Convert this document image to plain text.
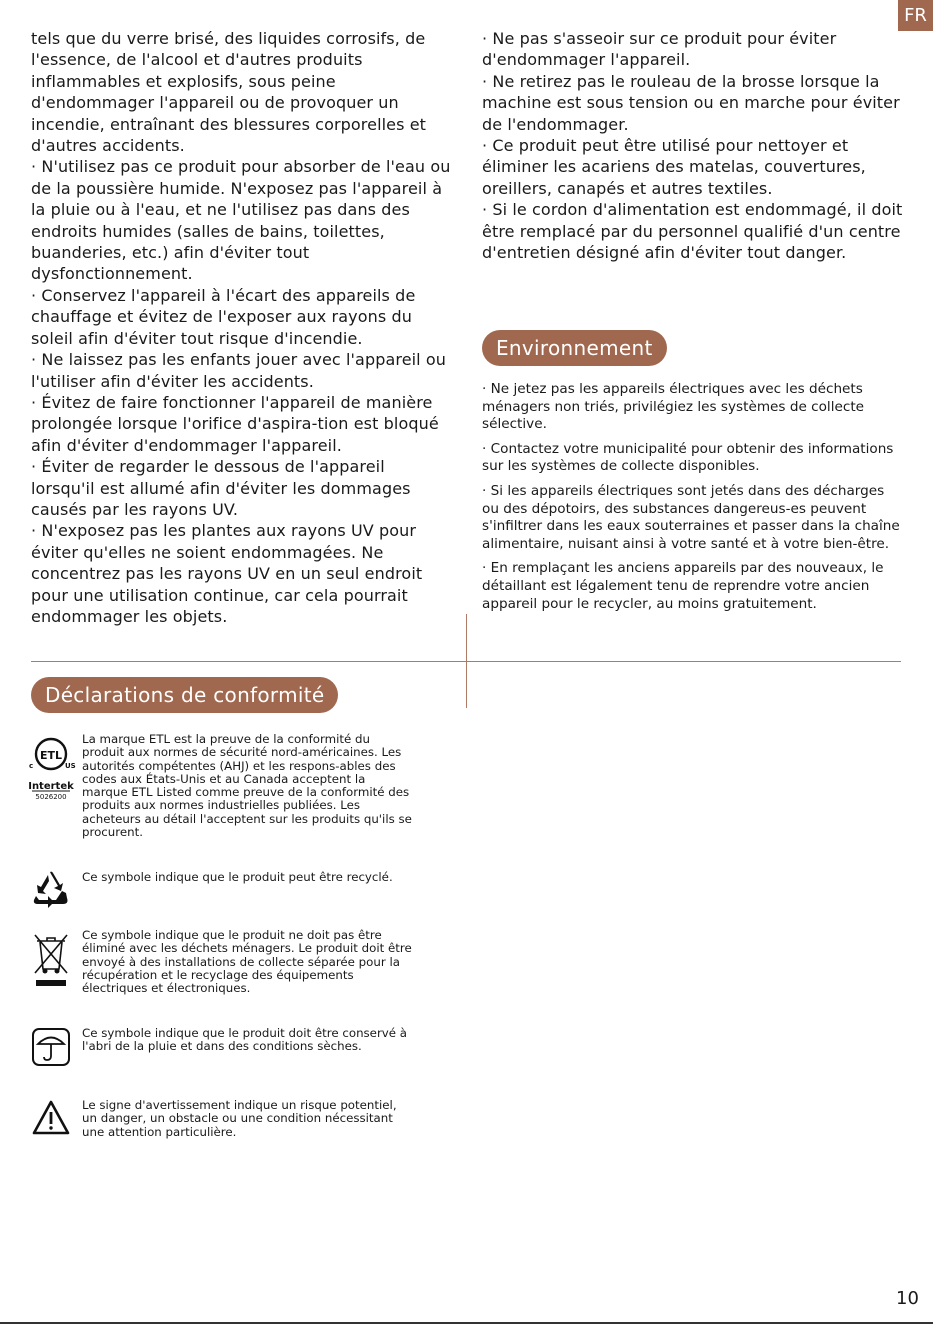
FR

tels que du verre brisé, des liquides corrosifs, de l'essence, de l'alcool et d'autres produits inflammables et explosifs, sous peine d'endommager l'appareil ou de provoquer un incendie, entraînant des blessures corporelles et d'autres accidents.

· N'utilisez pas ce produit pour absorber de l'eau ou de la poussière humide. N'exposez pas l'appareil à la pluie ou à l'eau, et ne l'utilisez pas dans des endroits humides (salles de bains, toilettes, buanderies, etc.) afin d'éviter tout dysfonctionnement.

· Conservez l'appareil à l'écart des appareils de chauffage et évitez de l'exposer aux rayons du soleil afin d'éviter tout risque d'incendie.

· Ne laissez pas les enfants jouer avec l'appareil ou l'utiliser afin d'éviter les accidents.

· Évitez de faire fonctionner l'appareil de manière prolongée lorsque l'orifice d'aspira-tion est bloqué afin d'éviter d'endommager l'appareil.

· Éviter de regarder le dessous de l'appareil lorsqu'il est allumé afin d'éviter les dommages causés par les rayons UV.

· N'exposez pas les plantes aux rayons UV pour éviter qu'elles ne soient endommagées. Ne concentrez pas les rayons UV en un seul endroit pour une utilisation continue, car cela pourrait endommager les objets.

· Ne pas s'asseoir sur ce produit pour éviter d'endommager l'appareil.

· Ne retirez pas le rouleau de la brosse lorsque la machine est sous tension ou en marche pour éviter de l'endommager.

· Ce produit peut être utilisé pour nettoyer et éliminer les acariens des matelas, couvertures, oreillers, canapés et autres textiles.

· Si le cordon d'alimentation est endommagé, il doit être remplacé par du personnel qualifié d'un centre d'entretien désigné afin d'éviter tout danger.

Environnement

· Ne jetez pas les appareils électriques avec les déchets ménagers non triés, privilégiez les systèmes de collecte sélective.

· Contactez votre municipalité pour obtenir des informations sur les systèmes de collecte disponibles.

· Si les appareils électriques sont jetés dans des décharges ou des dépotoirs, des substances dangereus-es peuvent s'infiltrer dans les eaux souterraines et passer dans la chaîne alimentaire, nuisant ainsi à votre santé et à votre bien-être.

· En remplaçant les anciens appareils par des nouveaux, le détaillant est légalement tenu de reprendre votre ancien appareil pour le recycler, au moins gratuitement.

Déclarations de conformité
ETL
c	US
Intertek
5026200
La marque ETL est la preuve de la conformité du produit aux normes de sécurité nord-américaines. Les autorités compétentes (AHJ) et les respons-ables des codes aux États-Unis et au Canada acceptent la marque ETL Listed comme preuve de la conformité des produits aux normes industrielles publiées. Les acheteurs au détail l'acceptent sur les produits qu'ils se procurent.
Ce symbole indique que le produit peut être recyclé.
Ce symbole indique que le produit ne doit pas être éliminé avec les déchets ménagers. Le produit doit être envoyé à des installations de collecte séparée pour la récupération et le recyclage des équipements électriques et électroniques.
Ce symbole indique que le produit doit être conservé à l'abri de la pluie et dans des conditions sèches.
Le signe d'avertissement indique un risque potentiel, un danger, un obstacle ou une condition nécessitant une attention particulière.
10
